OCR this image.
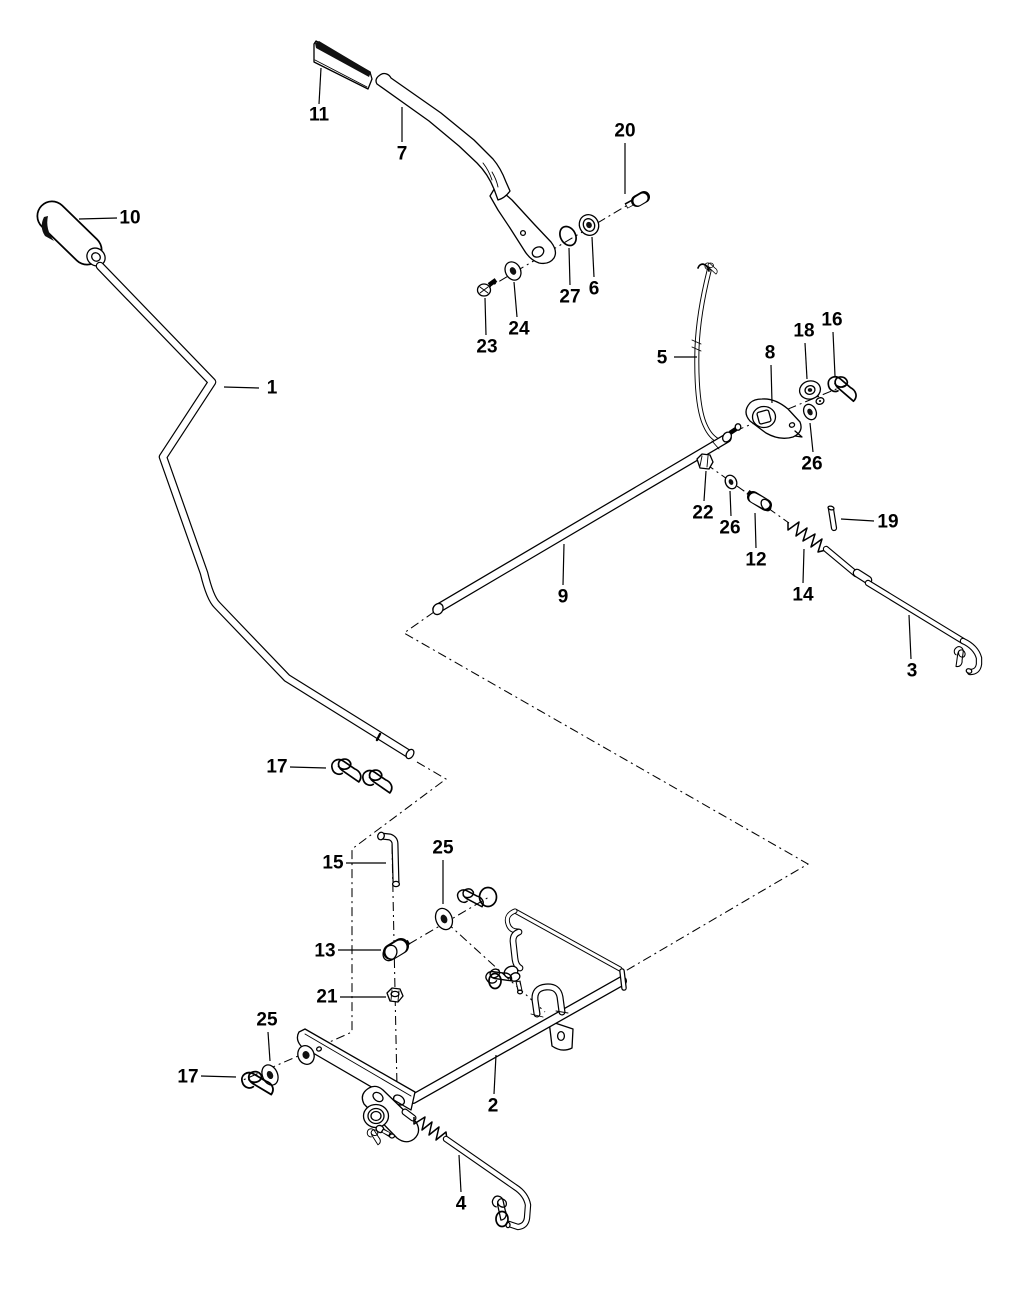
1
2
3
4
5
6
7
8
9
10
11
12
13
14
15
16
17
17
18
19
20
21
22
23
24
25
25
26
26
27
